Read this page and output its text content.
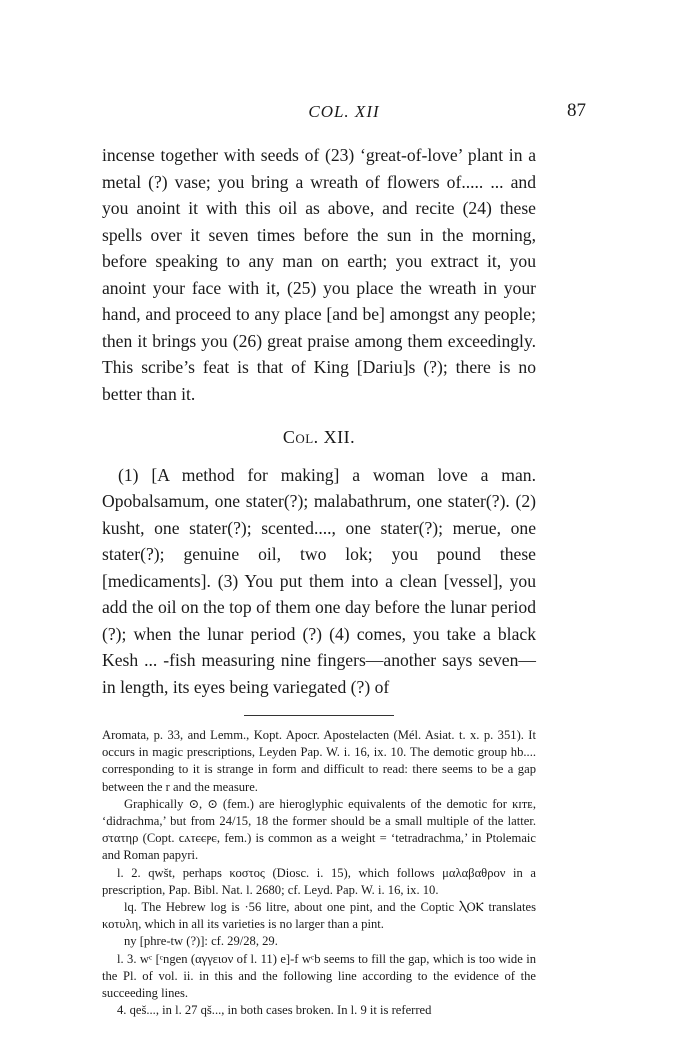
COL. XII	87

incense together with seeds of (23) ‘great-of-love’ plant in a metal (?) vase; you bring a wreath of flowers of..... ... and you anoint it with this oil as above, and recite (24) these spells over it seven times before the sun in the morning, before speaking to any man on earth; you extract it, you anoint your face with it, (25) you place the wreath in your hand, and proceed to any place [and be] amongst any people; then it brings you (26) great praise among them exceedingly. This scribe’s feat is that of King [Dariu]s (?); there is no better than it.

Col. XII.

(1) [A method for making] a woman love a man. Opobalsamum, one stater(?); malabathrum, one stater(?). (2) kusht, one stater(?); scented...., one stater(?); merue, one stater(?); genuine oil, two lok; you pound these [medicaments]. (3) You put them into a clean [vessel], you add the oil on the top of them one day before the lunar period (?); when the lunar period (?) (4) comes, you take a black Kesh ... -fish measuring nine fingers—another says seven—in length, its eyes being variegated (?) of

Aromata, p. 33, and Lemm., Kopt. Apocr. Apostelacten (Mél. Asiat. t. x. p. 351). It occurs in magic prescriptions, Leyden Pap. W. i. 16, ix. 10. The demotic group hb.... corresponding to it is strange in form and difficult to read: there seems to be a gap between the r and the measure.

Graphically ⊙, ⊙ (fem.) are hieroglyphic equivalents of the demotic for ĸɪᴛᴇ, ‘didrachma,’ but from 24/15, 18 the former should be a small multiple of the latter. στατηρ (Copt. ϲⲁⲧⲉⲉⲣⲉ, fem.) is common as a weight = ‘tetradrachma,’ in Ptolemaic and Roman papyri.

l. 2. qwšt, perhaps κοστος (Diosc. i. 15), which follows μαλαβαθρον in a prescription, Pap. Bibl. Nat. l. 2680; cf. Leyd. Pap. W. i. 16, ix. 10.

lq. The Hebrew log is ·56 litre, about one pint, and the Coptic ⲖⲞⲔ translates κοτυλη, which in all its varieties is no larger than a pint.

ny [phre-tw (?)]: cf. 29/28, 29.

l. 3. wᶜ [ᶜngen (αγγειον of l. 11) e]-f wᶜb seems to fill the gap, which is too wide in the Pl. of vol. ii. in this and the following line according to the evidence of the succeeding lines.

4. qeš..., in l. 27 qš..., in both cases broken. In l. 9 it is referred
